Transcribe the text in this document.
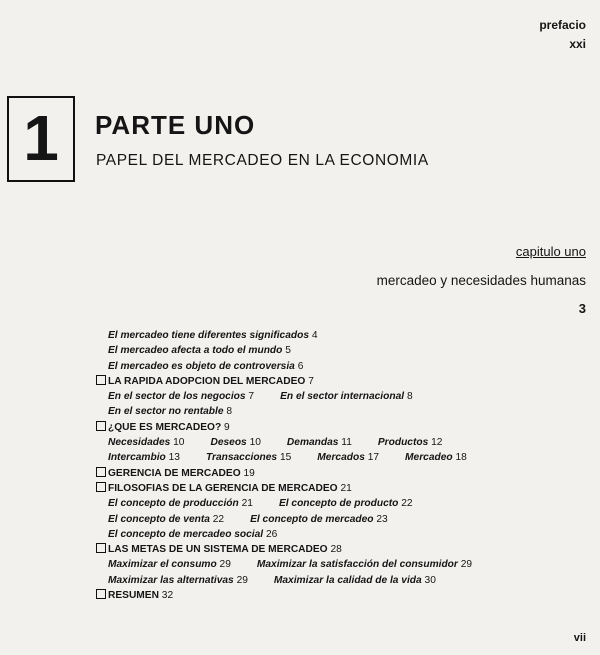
prefacio
xxi
1 PARTE UNO
PAPEL DEL MERCADEO EN LA ECONOMIA
capitulo uno
mercadeo y necesidades humanas
3
El mercadeo tiene diferentes significados 4
El mercadeo afecta a todo el mundo 5
El mercadeo es objeto de controversia 6
LA RAPIDA ADOPCION DEL MERCADEO 7
En el sector de los negocios 7	En el sector internacional 8
En el sector no rentable 8
¿QUE ES MERCADEO? 9
Necesidades 10	Deseos 10	Demandas 11	Productos 12
Intercambio 13	Transacciones 15	Mercados 17	Mercadeo 18
GERENCIA DE MERCADEO 19
FILOSOFIAS DE LA GERENCIA DE MERCADEO 21
El concepto de producción 21	El concepto de producto 22
El concepto de venta 22	El concepto de mercadeo 23
El concepto de mercadeo social 26
LAS METAS DE UN SISTEMA DE MERCADEO 28
Maximizar el consumo 29	Maximizar la satisfacción del consumidor 29
Maximizar las alternativas 29	Maximizar la calidad de la vida 30
RESUMEN 32
vii
